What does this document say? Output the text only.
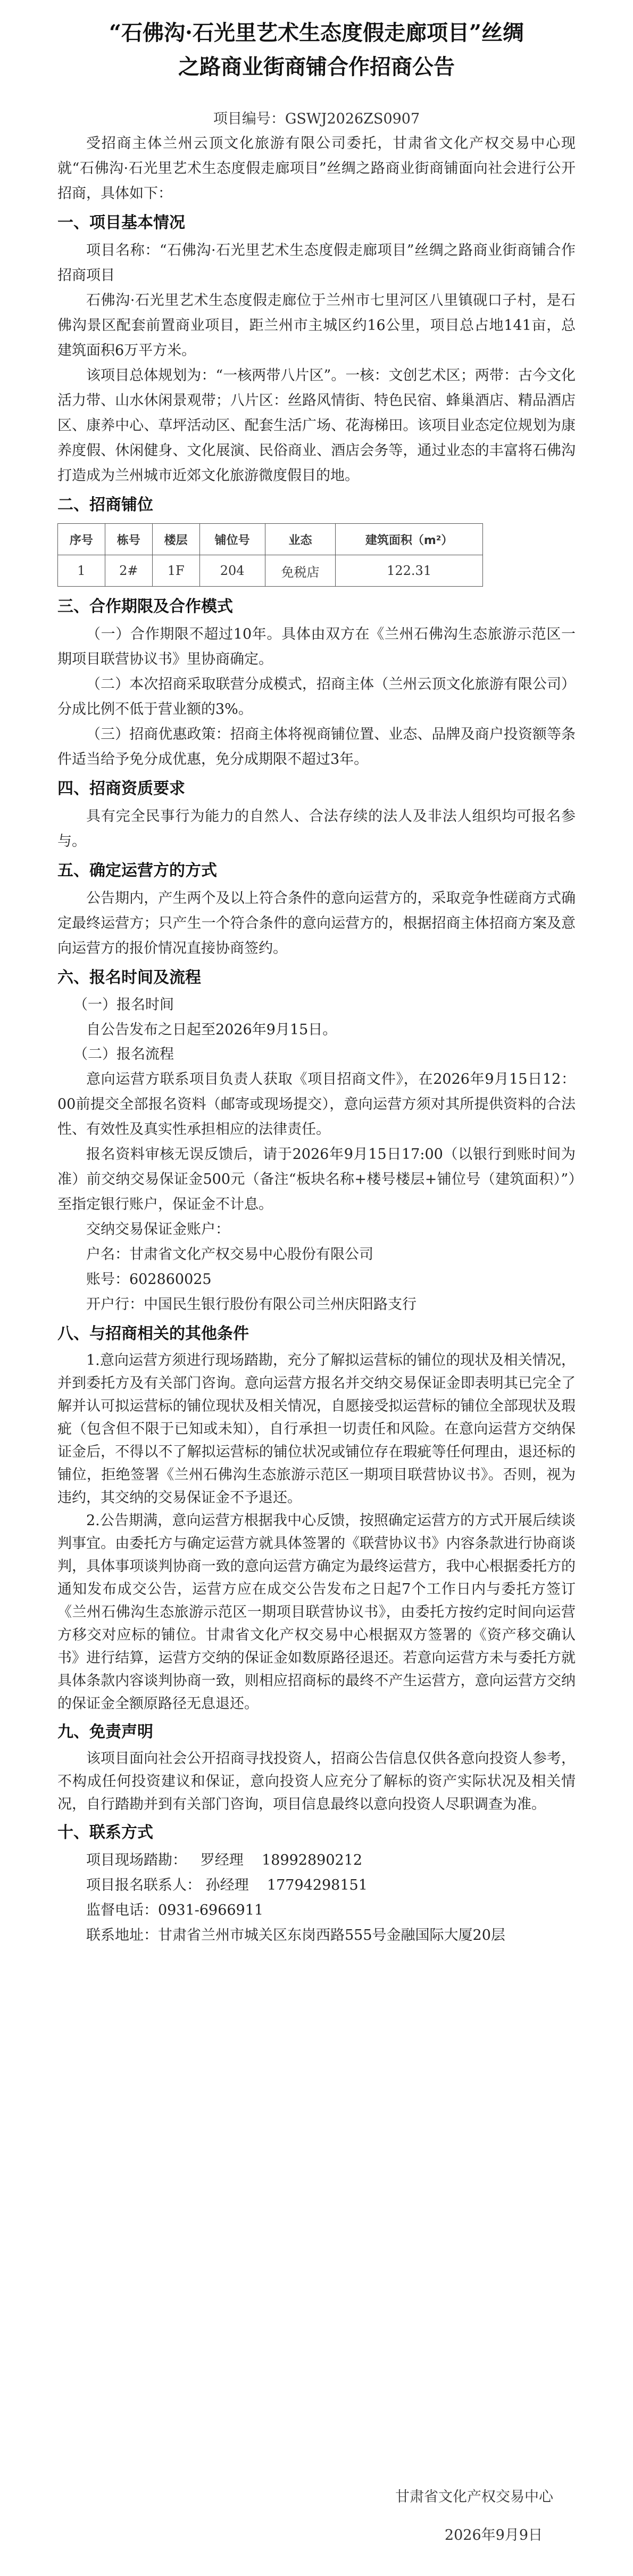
“石佛沟·石光里艺术生态度假走廊项目”丝绸
之路商业街商铺合作招商公告
项目编号：GSWJ2026ZS0907

受招商主体兰州云顶文化旅游有限公司委托，甘肃省文化产权交易中心现就“石佛沟·石光里艺术生态度假走廊项目”丝绸之路商业街商铺面向社会进行公开招商，具体如下：

一、项目基本情况

项目名称：“石佛沟·石光里艺术生态度假走廊项目”丝绸之路商业街商铺合作招商项目

石佛沟·石光里艺术生态度假走廊位于兰州市七里河区八里镇砚口子村，是石佛沟景区配套前置商业项目，距兰州市主城区约16公里，项目总占地141亩，总建筑面积6万平方米。

该项目总体规划为：“一核两带八片区”。一核：文创艺术区；两带：古今文化活力带、山水休闲景观带；八片区：丝路风情街、特色民宿、蜂巢酒店、精品酒店区、康养中心、草坪活动区、配套生活广场、花海梯田。该项目业态定位规划为康养度假、休闲健身、文化展演、民俗商业、酒店会务等，通过业态的丰富将石佛沟打造成为兰州城市近郊文化旅游微度假目的地。

二、招商铺位
序号	栋号	楼层	铺位号	业态	建筑面积（m²）
1	2#	1F	204	免税店	122.31
三、合作期限及合作模式

（一）合作期限不超过10年。具体由双方在《兰州石佛沟生态旅游示范区一期项目联营协议书》里协商确定。

（二）本次招商采取联营分成模式，招商主体（兰州云顶文化旅游有限公司）分成比例不低于营业额的3%。

（三）招商优惠政策：招商主体将视商铺位置、业态、品牌及商户投资额等条件适当给予免分成优惠，免分成期限不超过3年。

四、招商资质要求

具有完全民事行为能力的自然人、合法存续的法人及非法人组织均可报名参与。

五、确定运营方的方式

公告期内，产生两个及以上符合条件的意向运营方的，采取竞争性磋商方式确定最终运营方；只产生一个符合条件的意向运营方的，根据招商主体招商方案及意向运营方的报价情况直接协商签约。

六、报名时间及流程
（一）报名时间

自公告发布之日起至2026年9月15日。

（二）报名流程

意向运营方联系项目负责人获取《项目招商文件》，在2026年9月15日12：00前提交全部报名资料（邮寄或现场提交），意向运营方须对其所提供资料的合法性、有效性及真实性承担相应的法律责任。

报名资料审核无误反馈后，请于2026年9月15日17:00（以银行到账时间为准）前交纳交易保证金500元（备注“板块名称+楼号楼层+铺位号（建筑面积）”）至指定银行账户，保证金不计息。

交纳交易保证金账户：
户名：甘肃省文化产权交易中心股份有限公司
账号：602860025
开户行：中国民生银行股份有限公司兰州庆阳路支行
八、与招商相关的其他条件

1.意向运营方须进行现场踏勘，充分了解拟运营标的铺位的现状及相关情况，并到委托方及有关部门咨询。意向运营方报名并交纳交易保证金即表明其已完全了解并认可拟运营标的铺位现状及相关情况，自愿接受拟运营标的铺位全部现状及瑕疵（包含但不限于已知或未知），自行承担一切责任和风险。在意向运营方交纳保证金后，不得以不了解拟运营标的铺位状况或铺位存在瑕疵等任何理由，退还标的铺位，拒绝签署《兰州石佛沟生态旅游示范区一期项目联营协议书》。否则，视为违约，其交纳的交易保证金不予退还。

2.公告期满，意向运营方根据我中心反馈，按照确定运营方的方式开展后续谈判事宜。由委托方与确定运营方就具体签署的《联营协议书》内容条款进行协商谈判，具体事项谈判协商一致的意向运营方确定为最终运营方，我中心根据委托方的通知发布成交公告，运营方应在成交公告发布之日起7个工作日内与委托方签订《兰州石佛沟生态旅游示范区一期项目联营协议书》，由委托方按约定时间向运营方移交对应标的铺位。甘肃省文化产权交易中心根据双方签署的《资产移交确认书》进行结算，运营方交纳的保证金如数原路径退还。若意向运营方未与委托方就具体条款内容谈判协商一致，则相应招商标的最终不产生运营方，意向运营方交纳的保证金全额原路径无息退还。

九、免责声明

该项目面向社会公开招商寻找投资人，招商公告信息仅供各意向投资人参考，不构成任何投资建议和保证，意向投资人应充分了解标的资产实际状况及相关情况，自行踏勘并到有关部门咨询，项目信息最终以意向投资人尽职调查为准。

十、联系方式
项目现场踏勘： 罗经理 18992890212
项目报名联系人： 孙经理 17794298151
监督电话：0931-6966911

联系地址：甘肃省兰州市城关区东岗西路555号金融国际大厦20层

甘肃省文化产权交易中心
2026年9月9日
